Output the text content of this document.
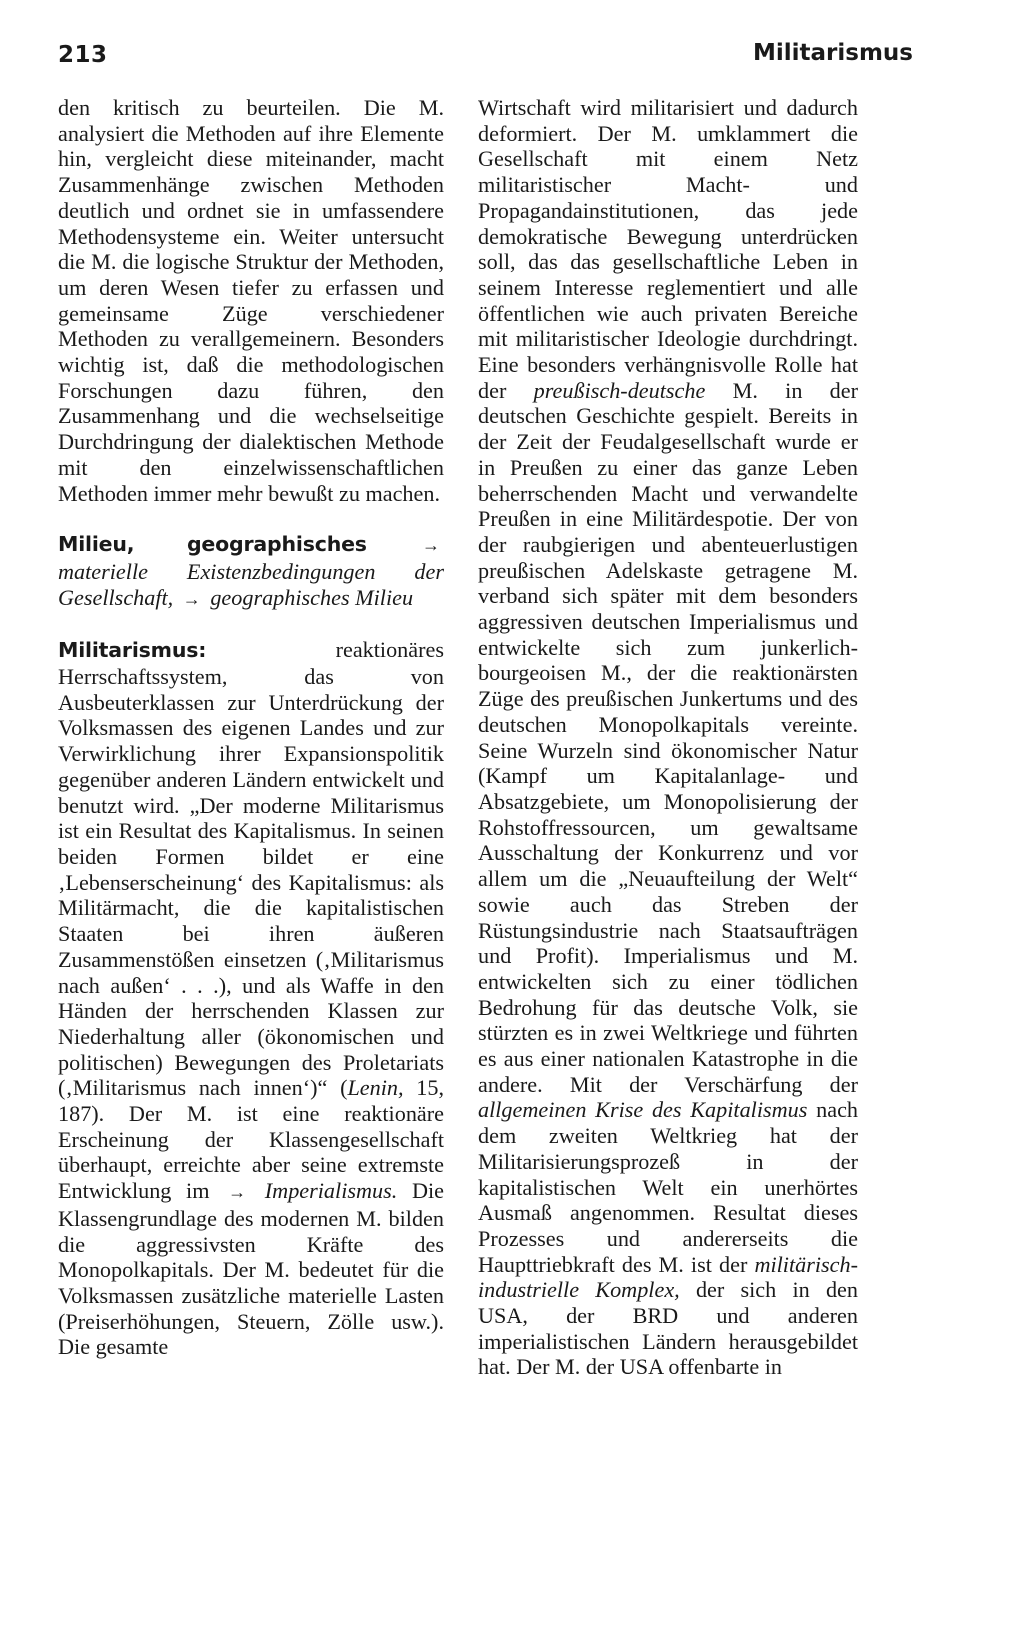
213	Militarismus

den kritisch zu beurteilen. Die M. analysiert die Methoden auf ihre Elemente hin, vergleicht diese miteinander, macht Zusammenhänge zwischen Methoden deutlich und ordnet sie in umfassendere Methodensysteme ein. Weiter untersucht die M. die logische Struktur der Methoden, um deren Wesen tiefer zu erfassen und gemeinsame Züge verschiedener Methoden zu verallgemeinern. Besonders wichtig ist, daß die methodologischen Forschungen dazu führen, den Zusammenhang und die wechselseitige Durchdringung der dialektischen Methode mit den einzelwissenschaftlichen Methoden immer mehr bewußt zu machen.

Milieu, geographisches	→ materielle Existenzbedingungen der Gesellschaft, → geographisches Milieu

Militarismus:	reaktionäres Herrschaftssystem, das von Ausbeuterklassen zur Unterdrückung der Volksmassen des eigenen Landes und zur Verwirklichung ihrer Expansionspolitik gegenüber anderen Ländern entwickelt und benutzt wird. „Der moderne Militarismus ist ein Resultat des Kapitalismus. In seinen beiden Formen bildet er eine ‚Lebenserscheinung‘ des Kapitalismus: als Militärmacht, die die kapitalistischen Staaten bei ihren äußeren Zusammenstößen einsetzen (‚Militarismus nach außen‘ . . .), und als Waffe in den Händen der herrschenden Klassen zur Niederhaltung aller (ökonomischen und politischen) Bewegungen des Proletariats (‚Militarismus nach innen‘)“ (Lenin, 15, 187). Der M. ist eine reaktionäre Erscheinung der Klassengesellschaft überhaupt, erreichte aber seine extremste Entwicklung im → Imperialismus. Die Klassengrundlage des modernen M. bilden die aggressivsten Kräfte des Monopolkapitals. Der M. bedeutet für die Volksmassen zusätzliche materielle Lasten (Preiserhöhungen, Steuern, Zölle usw.). Die gesamte

Wirtschaft wird militarisiert und dadurch deformiert. Der M. umklammert die Gesellschaft mit einem Netz militaristischer Macht- und Propagandainstitutionen, das jede demokratische Bewegung unterdrücken soll, das das gesellschaftliche Leben in seinem Interesse reglementiert und alle öffentlichen wie auch privaten Bereiche mit militaristischer Ideologie durchdringt. Eine besonders verhängnisvolle Rolle hat der preußisch-deutsche M. in der deutschen Geschichte gespielt. Bereits in der Zeit der Feudalgesellschaft wurde er in Preußen zu einer das ganze Leben beherrschenden Macht und verwandelte Preußen in eine Militärdespotie. Der von der raubgierigen und abenteuerlustigen preußischen Adelskaste getragene M. verband sich später mit dem besonders aggressiven deutschen Imperialismus und entwickelte sich zum junkerlich-bourgeoisen M., der die reaktionärsten Züge des preußischen Junkertums und des deutschen Monopolkapitals vereinte. Seine Wurzeln sind ökonomischer Natur (Kampf um Kapitalanlage- und Absatzgebiete, um Monopolisierung der Rohstoffressourcen, um gewaltsame Ausschaltung der Konkurrenz und vor allem um die „Neuaufteilung der Welt“ sowie auch das Streben der Rüstungsindustrie nach Staatsaufträgen und Profit). Imperialismus und M. entwickelten sich zu einer tödlichen Bedrohung für das deutsche Volk, sie stürzten es in zwei Weltkriege und führten es aus einer nationalen Katastrophe in die andere. Mit der Verschärfung der allgemeinen Krise des Kapitalismus nach dem zweiten Weltkrieg hat der Militarisierungsprozeß in der kapitalistischen Welt ein unerhörtes Ausmaß angenommen. Resultat dieses Prozesses und andererseits die Haupttriebkraft des M. ist der militärisch-industrielle Komplex, der sich in den USA, der BRD und anderen imperialistischen Ländern herausgebildet hat. Der M. der USA offenbarte in
